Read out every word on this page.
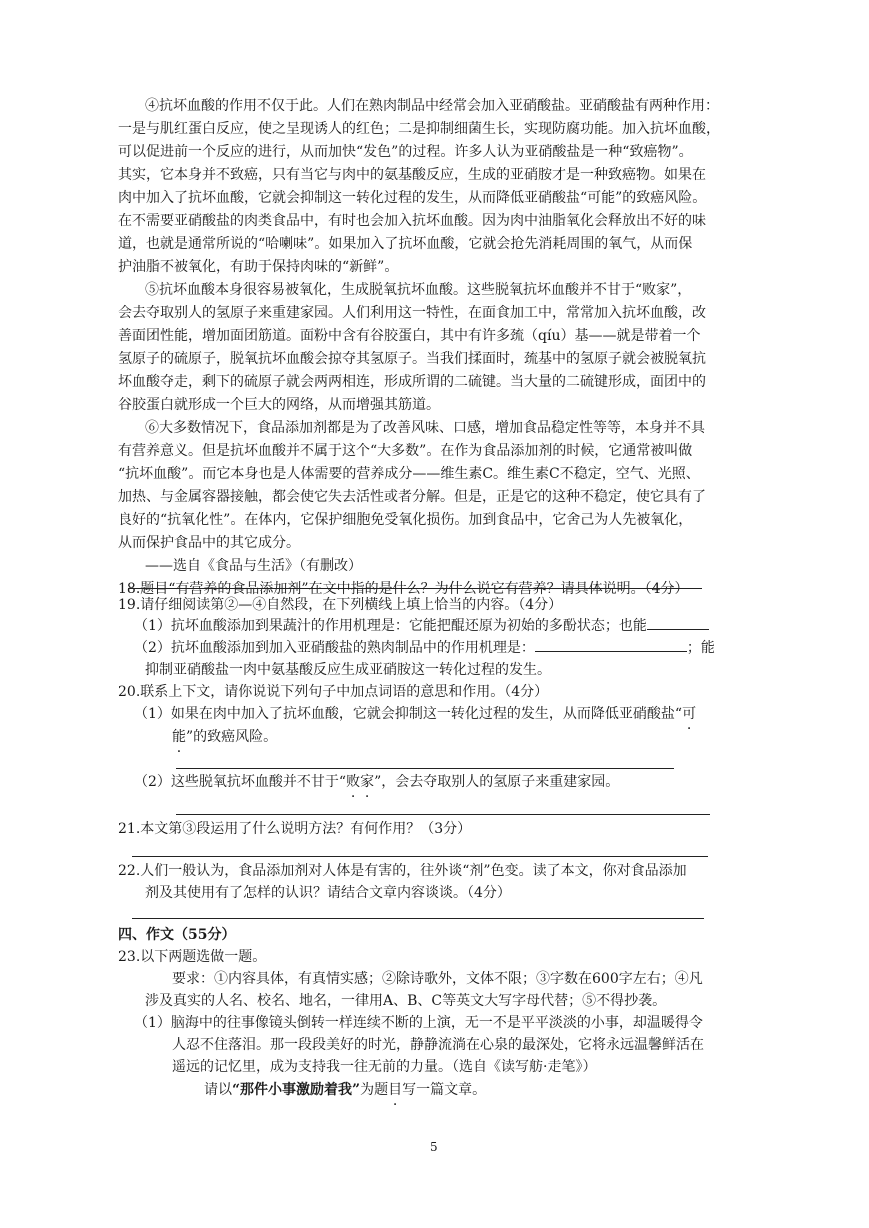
④抗坏血酸的作用不仅于此。人们在熟肉制品中经常会加入亚硝酸盐。亚硝酸盐有两种作用：
一是与肌红蛋白反应，使之呈现诱人的红色；二是抑制细菌生长，实现防腐功能。加入抗坏血酸，
可以促进前一个反应的进行，从而加快“发色”的过程。许多人认为亚硝酸盐是一种“致癌物”。
其实，它本身并不致癌，只有当它与肉中的氨基酸反应，生成的亚硝胺才是一种致癌物。如果在
肉中加入了抗坏血酸，它就会抑制这一转化过程的发生，从而降低亚硝酸盐“可能”的致癌风险。
在不需要亚硝酸盐的肉类食品中，有时也会加入抗坏血酸。因为肉中油脂氧化会释放出不好的味
道，也就是通常所说的“哈喇味”。如果加入了抗坏血酸，它就会抢先消耗周围的氧气，从而保
护油脂不被氧化，有助于保持肉味的“新鲜”。
⑤抗坏血酸本身很容易被氧化，生成脱氧抗坏血酸。这些脱氧抗坏血酸并不甘于“败家”，
会去夺取别人的氢原子来重建家园。人们利用这一特性，在面食加工中，常常加入抗坏血酸，改
善面团性能，增加面团筋道。面粉中含有谷胶蛋白，其中有许多巯（qíu）基——就是带着一个
氢原子的硫原子，脱氧抗坏血酸会掠夺其氢原子。当我们揉面时，巯基中的氢原子就会被脱氧抗
坏血酸夺走，剩下的硫原子就会两两相连，形成所谓的二硫键。当大量的二硫键形成，面团中的
谷胶蛋白就形成一个巨大的网络，从而增强其筋道。
⑥大多数情况下，食品添加剂都是为了改善风味、口感，增加食品稳定性等等，本身并不具
有营养意义。但是抗坏血酸并不属于这个“大多数”。在作为食品添加剂的时候，它通常被叫做
“抗坏血酸”。而它本身也是人体需要的营养成分——维生素C。维生素C不稳定，空气、光照、
加热、与金属容器接触，都会使它失去活性或者分解。但是，正是它的这种不稳定，使它具有了
良好的“抗氧化性”。在体内，它保护细胞免受氧化损伤。加到食品中，它舍己为人先被氧化，
从而保护食品中的其它成分。
——选自《食品与生活》（有删改）
18.题目“有营养的食品添加剂”在文中指的是什么？为什么说它有营养？请具体说明。（4分）
19.请仔细阅读第②—④自然段，在下列横线上填上恰当的内容。（4分）
（1）抗坏血酸添加到果蔬汁的作用机理是：它能把醌还原为初始的多酚状态；也能
（2）抗坏血酸添加到加入亚硝酸盐的熟肉制品中的作用机理是：	；能
抑制亚硝酸盐一肉中氨基酸反应生成亚硝胺这一转化过程的发生。
20.联系上下文，请你说说下列句子中加点词语的意思和作用。（4分）
（1）如果在肉中加入了抗坏血酸，它就会抑制这一转化过程的发生，从而降低亚硝酸盐“可
能”的致癌风险。
（2）这些脱氧抗坏血酸并不甘于“败家”，会去夺取别人的氢原子来重建家园。
21.本文第③段运用了什么说明方法？有何作用？（3分）
22.人们一般认为，食品添加剂对人体是有害的，往外谈“剂”色变。读了本文，你对食品添加
剂及其使用有了怎样的认识？请结合文章内容谈谈。（4分）
四、作文（55分）
23.以下两题选做一题。
要求：①内容具体，有真情实感；②除诗歌外，文体不限；③字数在600字左右；④凡
涉及真实的人名、校名、地名，一律用A、B、C等英文大写字母代替；⑤不得抄袭。
（1）脑海中的往事像镜头倒转一样连续不断的上演，无一不是平平淡淡的小事，却温暖得令
人忍不住落泪。那一段段美好的时光，静静流淌在心泉的最深处，它将永远温馨鲜活在
遥远的记忆里，成为支持我一往无前的力量。（选自《读写舫·走笔》）
请以“那件小事激励着我”为题目写一篇文章。
5
